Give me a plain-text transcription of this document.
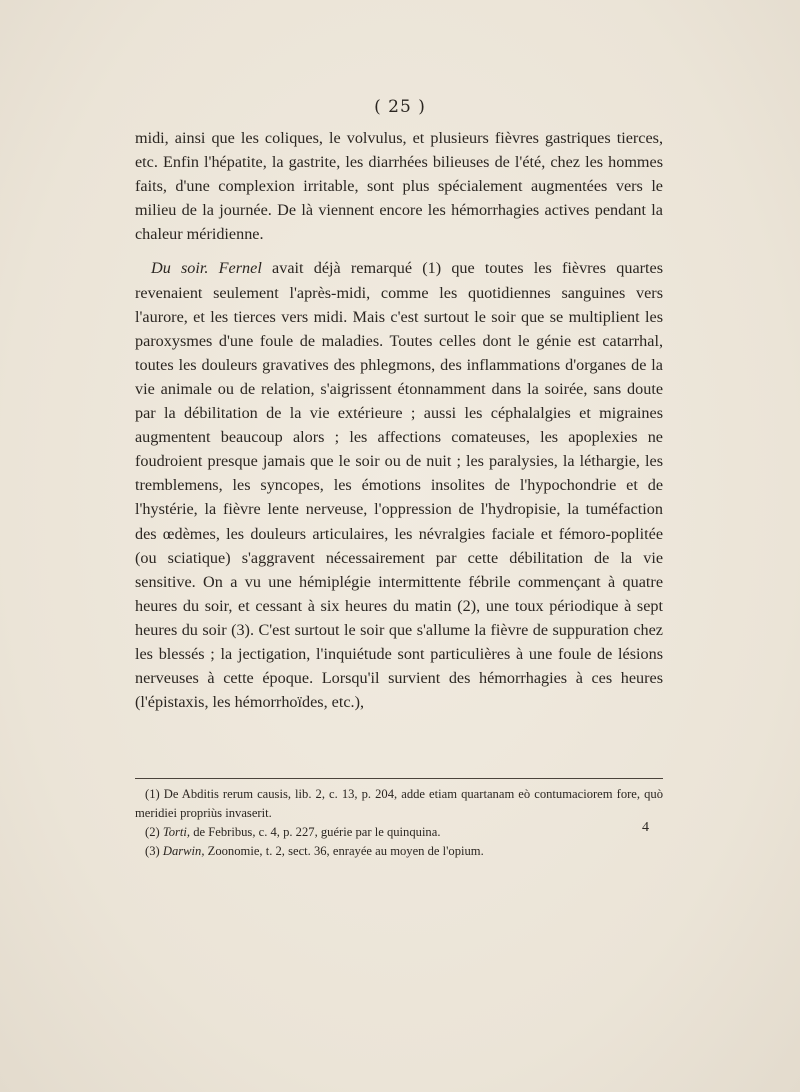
( 25 )

midi, ainsi que les coliques, le volvulus, et plusieurs fièvres gastriques tierces, etc. Enfin l'hépatite, la gastrite, les diarrhées bilieuses de l'été, chez les hommes faits, d'une complexion irritable, sont plus spécialement augmentées vers le milieu de la journée. De là viennent encore les hémorrhagies actives pendant la chaleur méridienne.

Du soir. Fernel avait déjà remarqué (1) que toutes les fièvres quartes revenaient seulement l'après-midi, comme les quotidiennes sanguines vers l'aurore, et les tierces vers midi. Mais c'est surtout le soir que se multiplient les paroxysmes d'une foule de maladies. Toutes celles dont le génie est catarrhal, toutes les douleurs gravatives des phlegmons, des inflammations d'organes de la vie animale ou de relation, s'aigrissent étonnamment dans la soirée, sans doute par la débilitation de la vie extérieure ; aussi les céphalalgies et migraines augmentent beaucoup alors ; les affections comateuses, les apoplexies ne foudroient presque jamais que le soir ou de nuit ; les paralysies, la léthargie, les tremblemens, les syncopes, les émotions insolites de l'hypochondrie et de l'hystérie, la fièvre lente nerveuse, l'oppression de l'hydropisie, la tuméfaction des œdèmes, les douleurs articulaires, les névralgies faciale et fémoro-poplitée (ou sciatique) s'aggravent nécessairement par cette débilitation de la vie sensitive. On a vu une hémiplégie intermittente fébrile commençant à quatre heures du soir, et cessant à six heures du matin (2), une toux périodique à sept heures du soir (3). C'est surtout le soir que s'allume la fièvre de suppuration chez les blessés ; la jectigation, l'inquiétude sont particulières à une foule de lésions nerveuses à cette époque. Lorsqu'il survient des hémorrhagies à ces heures (l'épistaxis, les hémorrhoïdes, etc.),

(1) De Abditis rerum causis, lib. 2, c. 13, p. 204, adde etiam quartanam eò contumaciorem fore, quò meridiei propriùs invaserit.

(2) Torti, de Febribus, c. 4, p. 227, guérie par le quinquina.

(3) Darwin, Zoonomie, t. 2, sect. 36, enrayée au moyen de l'opium.

4
